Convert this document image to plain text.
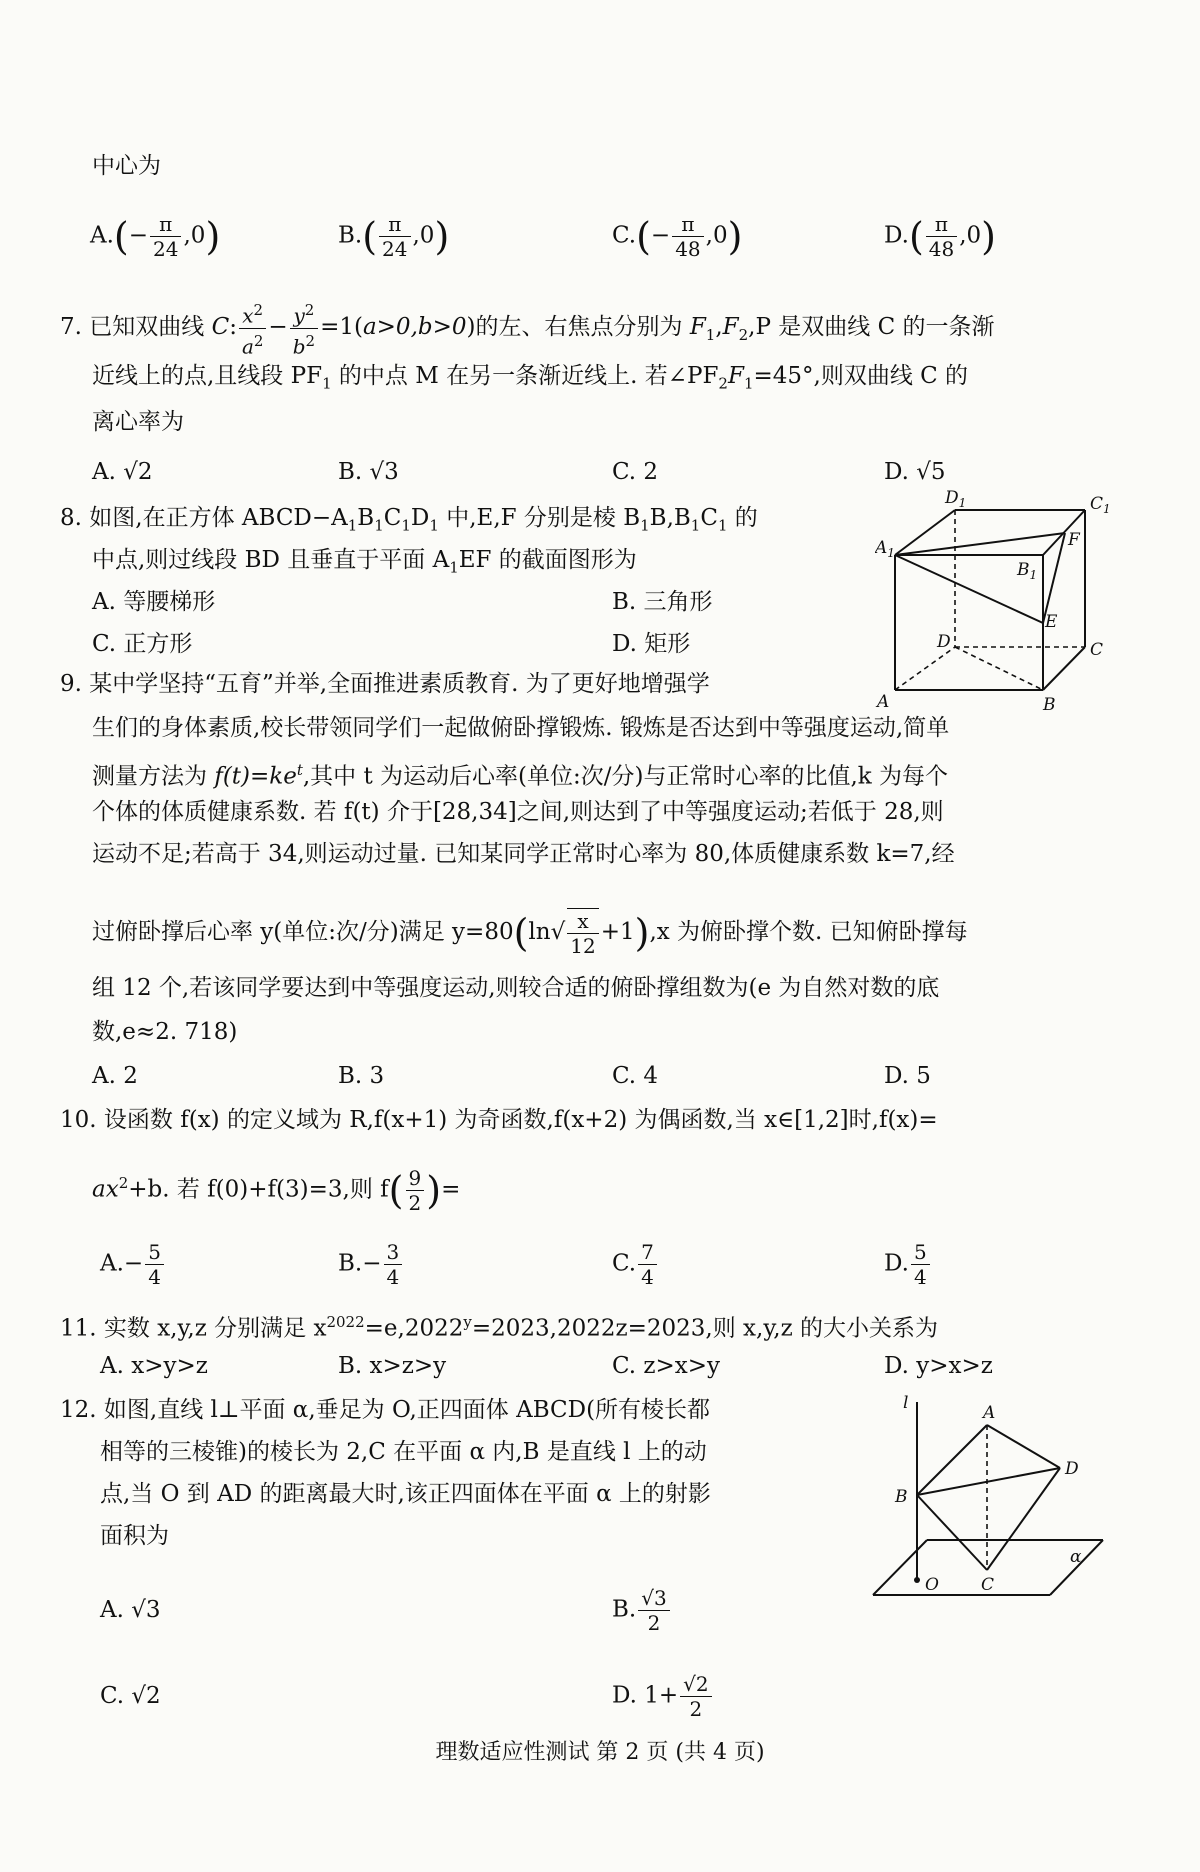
中心为
$A.(- \frac{\pi}{24} ,0)$	$B.( \frac{\pi}{24} ,0)$	$C.(- \frac{\pi}{48} ,0)$	$D.( \frac{\pi}{48} ,0)$
7. 已知双曲线 C: $\frac{x^2}{a^2} - \frac{y^2}{b^2} =1(a>0,b>0)$的左、右焦点分别为 $F_1,F_2,P$ 是双曲线 C 的一条渐
近线上的点,且线段 $PF_1$ 的中点 M 在另一条渐近线上. 若$\angle PF_2F_1=45^\circ$,则双曲线 C 的
离心率为
A. √2	B. √3	C. 2	D. √5
8. 如图,在正方体 $ABCD-A_1B_1C_1D_1$ 中,E,F 分别是棱 $B_1B,B_1C_1$ 的
中点,则过线段 BD 且垂直于平面 $A_1EF$ 的截面图形为
A. 等腰梯形	B. 三角形
C. 正方形	D. 矩形
$D_1$	$C_1$
$A_1$
$B_1$
F
E
D	C
A	B
9. 某中学坚持“五育”并举,全面推进素质教育. 为了更好地增强学
生们的身体素质,校长带领同学们一起做俯卧撑锻炼. 锻炼是否达到中等强度运动,简单
测量方法为 $f(t)=ke^t$,其中 t 为运动后心率(单位:次/分)与正常时心率的比值,k 为每个
个体的体质健康系数. 若 f(t) 介于[28,34]之间,则达到了中等强度运动;若低于 28,则
运动不足;若高于 34,则运动过量. 已知某同学正常时心率为 80,体质健康系数 k=7,经
过俯卧撑后心率 y(单位:次/分)满足 $y=80(\ln√ \frac{x}{12} +1),x$ 为俯卧撑个数. 已知俯卧撑每
组 12 个,若该同学要达到中等强度运动,则较合适的俯卧撑组数为(e 为自然对数的底
数,e≈2. 718)
A. 2	B. 3	C. 4	D. 5
10. 设函数 f(x) 的定义域为 R,f(x+1) 为奇函数,f(x+2) 为偶函数,当 x∈[1,2]时,f(x)=
$ax^2+b$. 若 f(0)+f(3)=3,则 $f( \frac{9}{2}$ )=
$A.- \frac{5}{4}$	$B.- \frac{3}{4}$	C. $\frac{7}{4}$	D. $\frac{5}{4}$
11. 实数 x,y,z 分别满足 $x^{2022}=e,2022^y=2023,2022z=2023$,则 x,y,z 的大小关系为
A. x>y>z	B. x>z>y	C. z>x>y	D. y>x>z
12. 如图,直线 l⊥平面 α,垂足为 O,正四面体 ABCD(所有棱长都
相等的三棱锥)的棱长为 2,C 在平面 α 内,B 是直线 l 上的动
点,当 O 到 AD 的距离最大时,该正四面体在平面 α 上的射影
面积为
A. √3	B. $\frac{√3}{2}$
C. √2	D. $1+ \frac{√2}{2}$
l	A
D
B
O C
α
理数适应性测试 第 2 页 (共 4 页)
